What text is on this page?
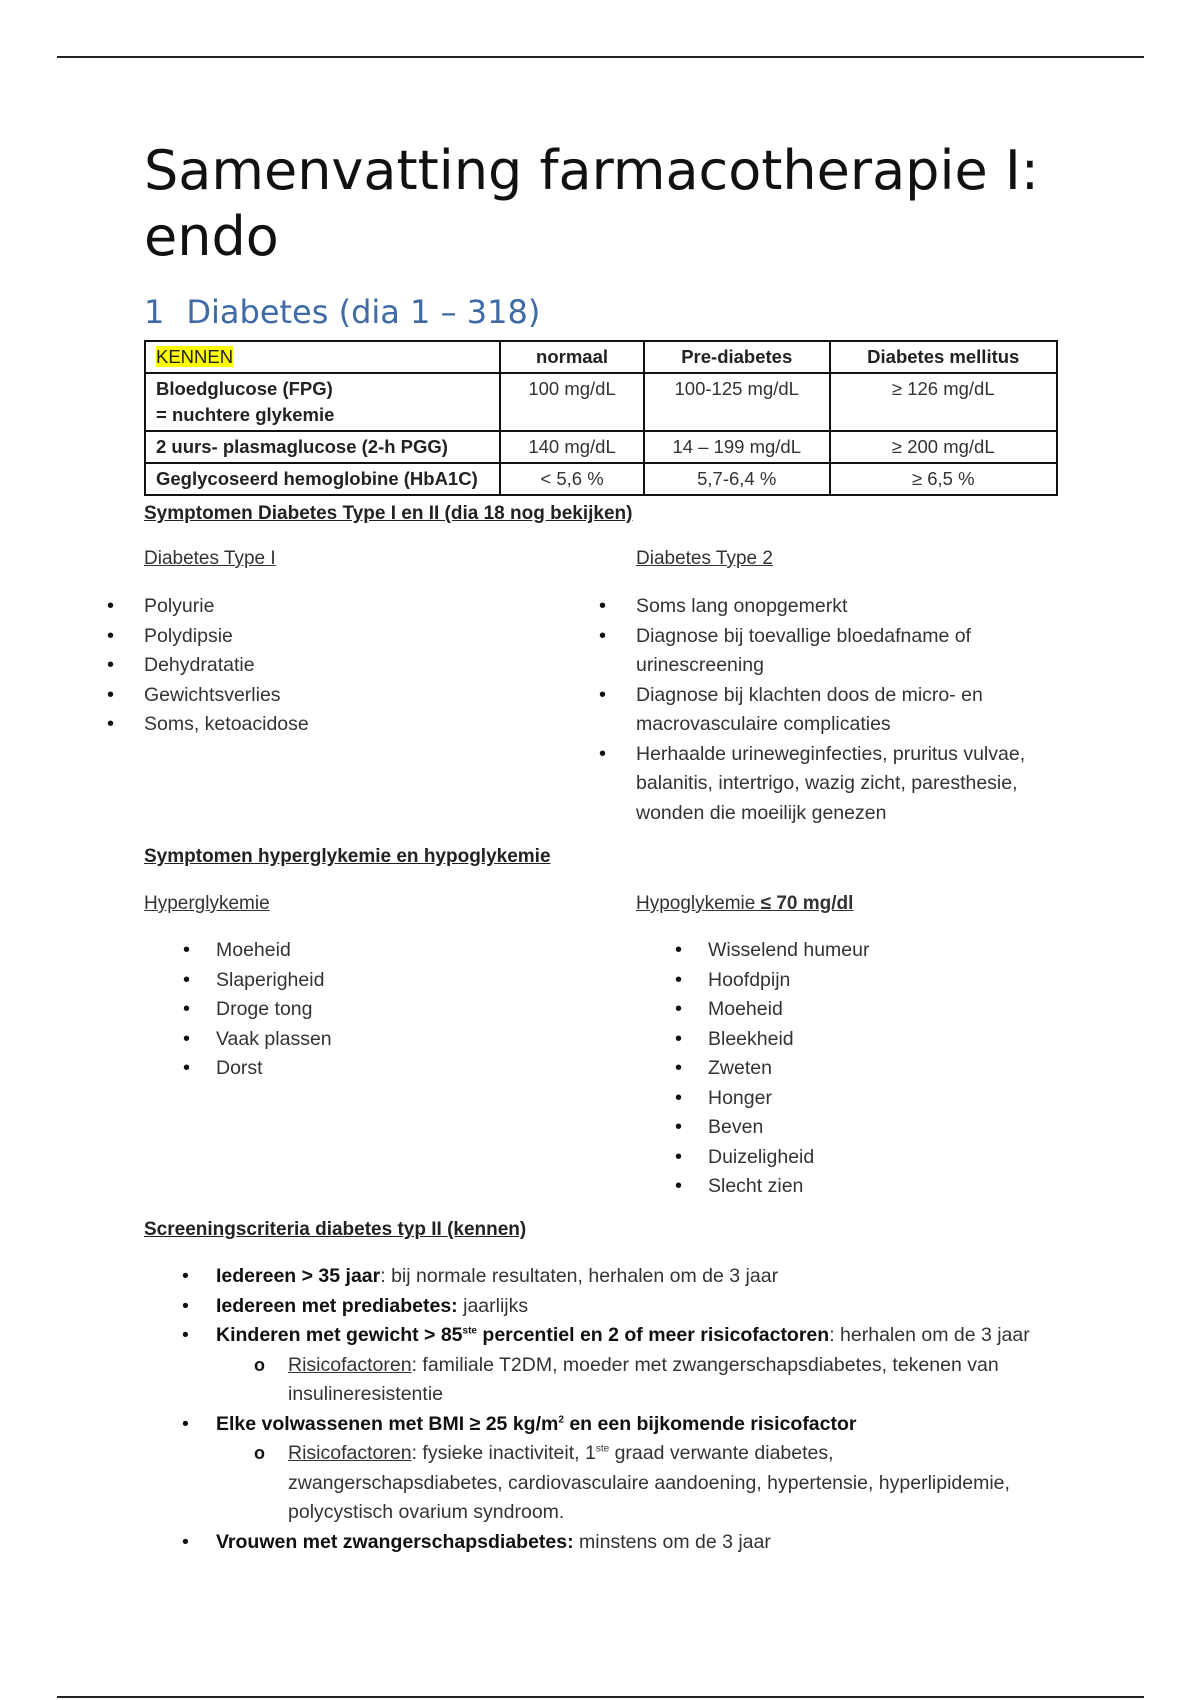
Samenvatting farmacotherapie I: endo
1 Diabetes (dia 1 – 318)
KENNEN	normaal	Pre-diabetes	Diabetes mellitus

Bloedglucose (FPG)
= nuchtere glykemie	100 mg/dL	100-125 mg/dL	≥ 126 mg/dL
2 uurs- plasmaglucose (2-h PGG)	140 mg/dL	14 – 199 mg/dL	≥ 200 mg/dL
Geglycoseerd hemoglobine (HbA1C)	< 5,6 %	5,7-6,4 %	≥ 6,5 %
Symptomen Diabetes Type I en II (dia 18 nog bekijken)
Diabetes Type I
• Polyurie
• Polydipsie
• Dehydratatie
• Gewichtsverlies
• Soms, ketoacidose
Diabetes Type 2
• Soms lang onopgemerkt
• Diagnose bij toevallige bloedafname of
urinescreening
• Diagnose bij klachten doos de micro- en
macrovasculaire complicaties
• Herhaalde urineweginfecties, pruritus vulvae,
balanitis, intertrigo, wazig zicht, paresthesie,
wonden die moeilijk genezen
Symptomen hyperglykemie en hypoglykemie
Hyperglykemie
• Moeheid
• Slaperigheid
• Droge tong
• Vaak plassen
• Dorst
Hypoglykemie ≤ 70 mg/dl
• Wisselend humeur
• Hoofdpijn
• Moeheid
• Bleekheid
• Zweten
• Honger
• Beven
• Duizeligheid
• Slecht zien
Screeningscriteria diabetes typ II (kennen)
• Iedereen > 35 jaar: bij normale resultaten, herhalen om de 3 jaar
• Iedereen met prediabetes: jaarlijks
• Kinderen met gewicht > 85ste percentiel en 2 of meer risicofactoren: herhalen om de 3 jaar
o Risicofactoren: familiale T2DM, moeder met zwangerschapsdiabetes, tekenen van
insulineresistentie
• Elke volwassenen met BMI ≥ 25 $kg/m^2$ en een bijkomende risicofactor
o Risicofactoren: fysieke inactiviteit, 1ste graad verwante diabetes,
zwangerschapsdiabetes, cardiovasculaire aandoening, hypertensie, hyperlipidemie,
polycystisch ovarium syndroom.
• Vrouwen met zwangerschapsdiabetes: minstens om de 3 jaar
